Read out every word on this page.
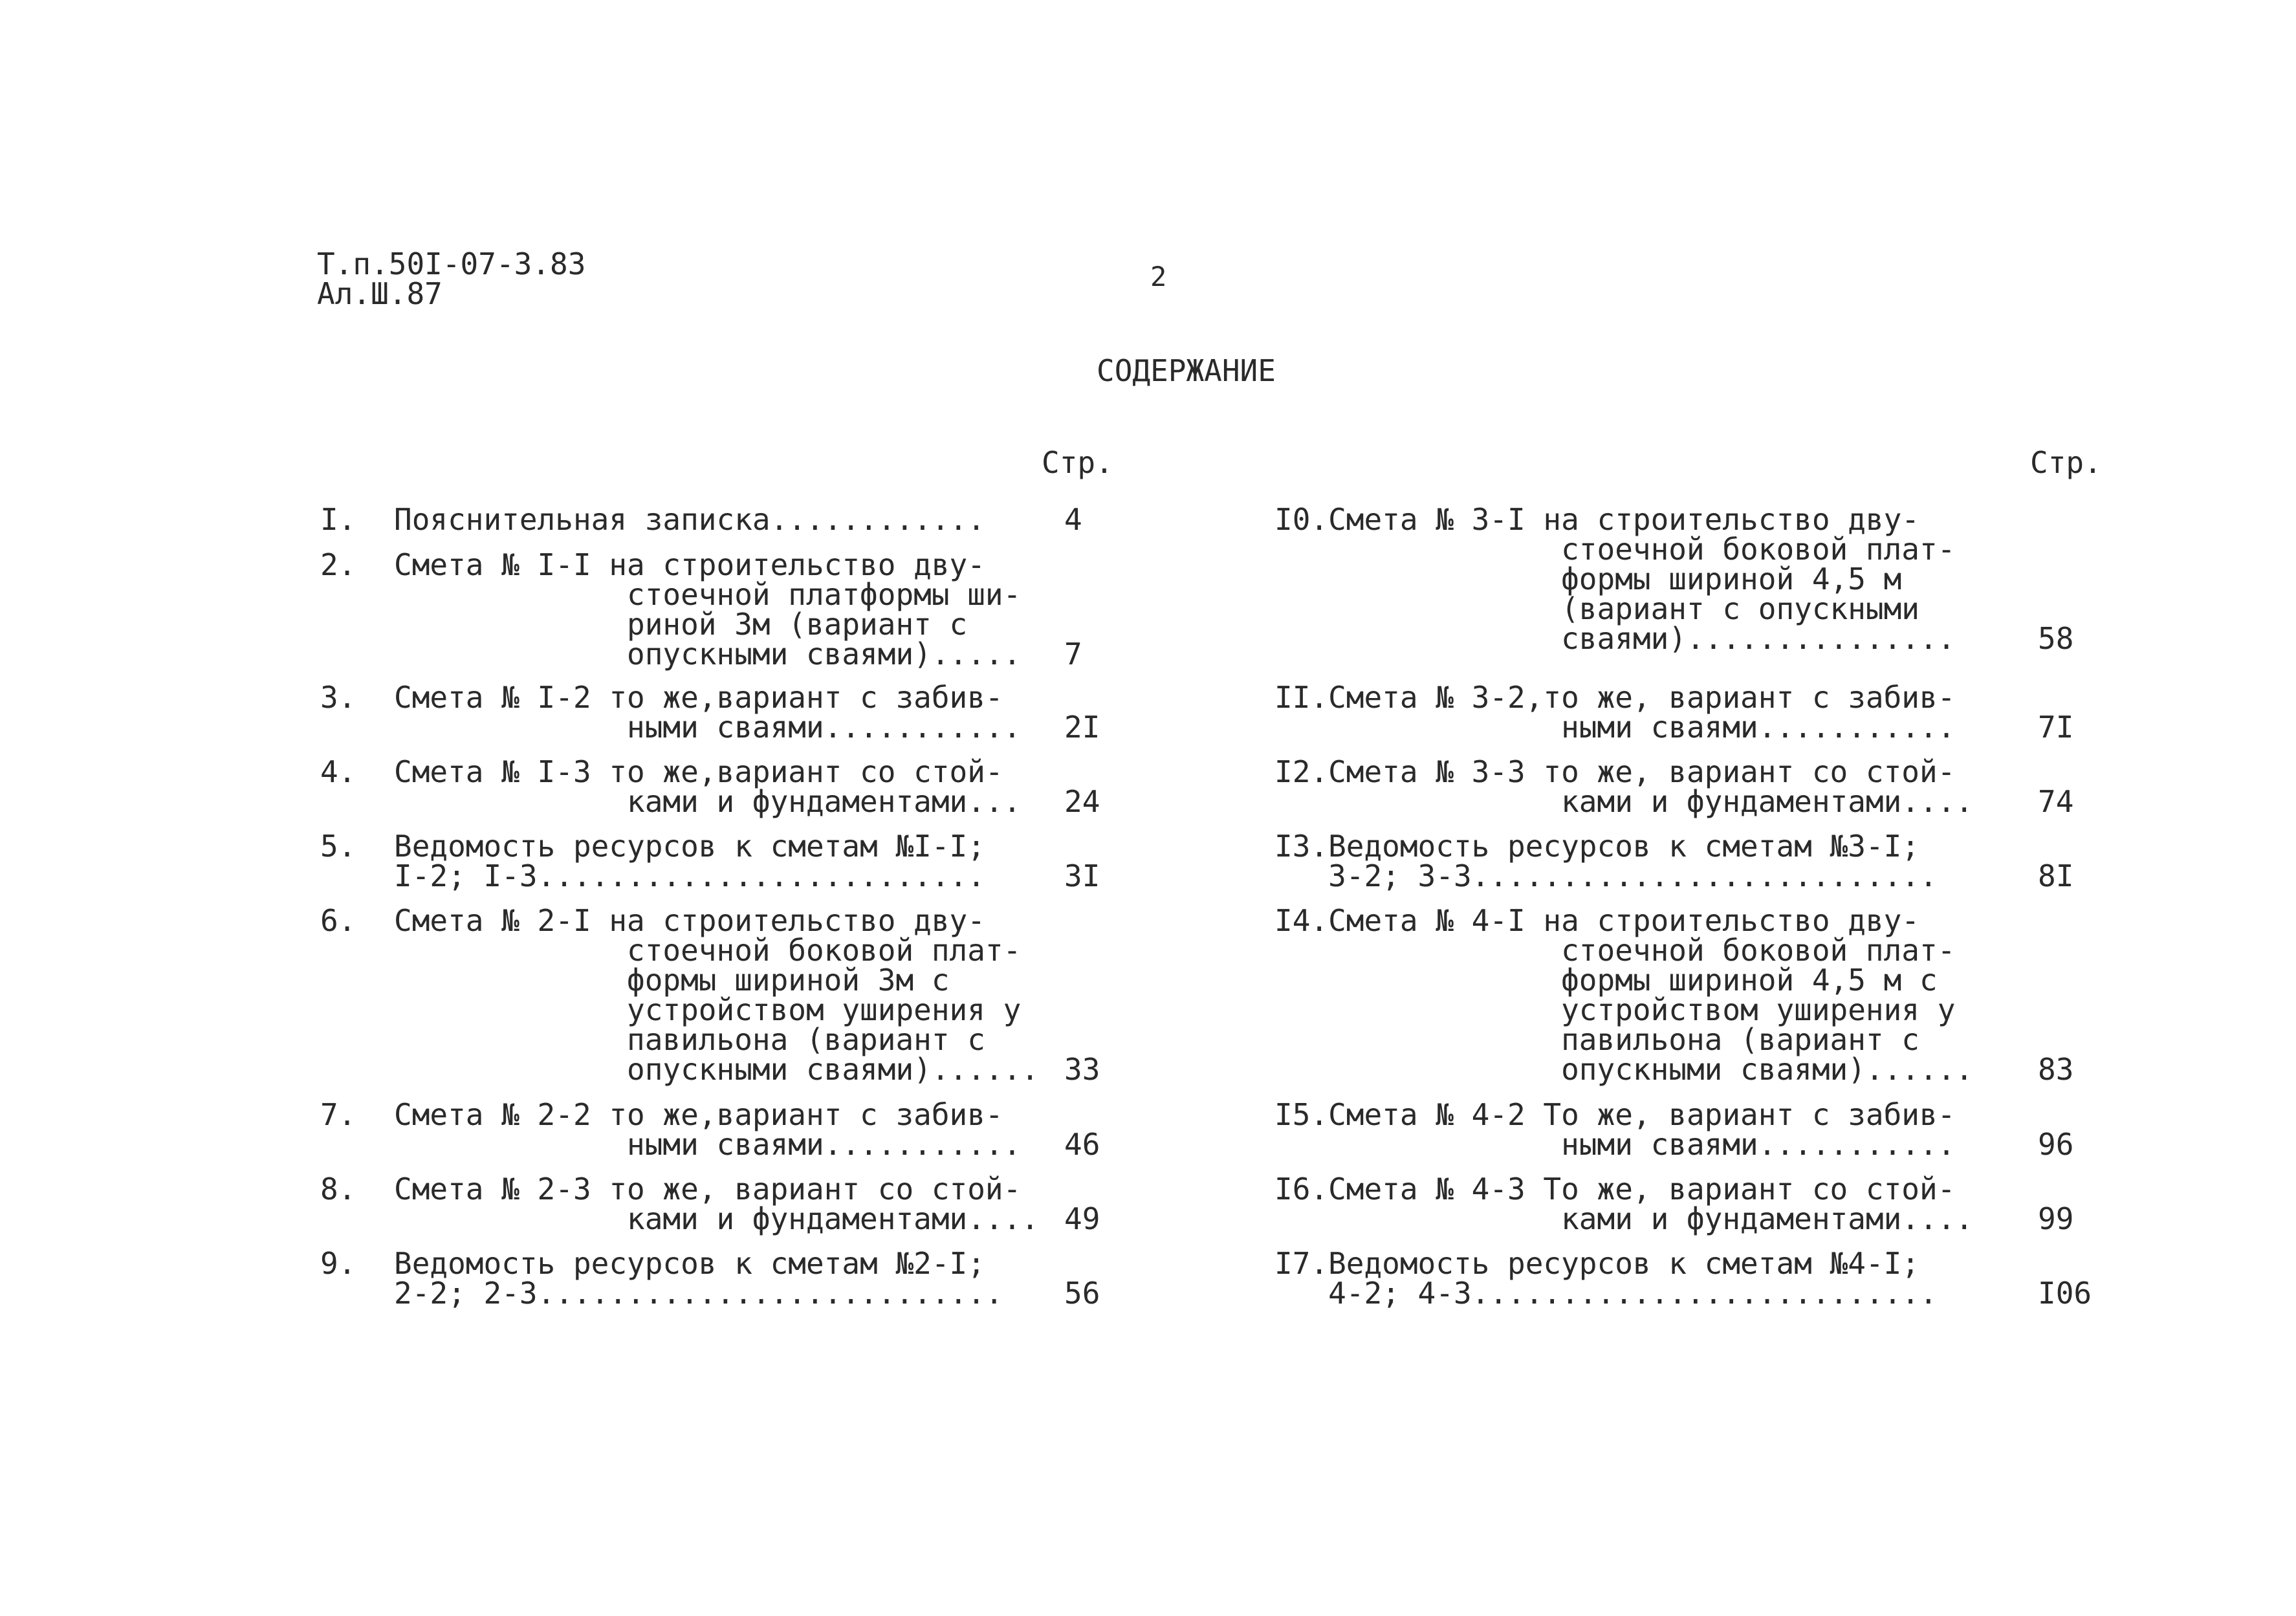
Т.п.50I-07-3.83
Ал.Ш.87	2
СОДЕРЖАНИЕ
Стр.	Стр.
I. Пояснительная записка............	4
2. Смета № I-I на строительство дву-
стоечной платформы ши-
риной 3м (вариант с
опускными сваями)..... 7
3. Смета № I-2 то же,вариант с забив-
ными сваями........... 2I
4. Смета № I-3 то же,вариант со стой-
ками и фундаментами... 24
5. Ведомость ресурсов к сметам №I-I;
I-2; I-3.........................	3I
6. Смета № 2-I на строительство дву-
стоечной боковой плат-
формы шириной 3м с
устройством уширения у
павильона (вариант с
опускными сваями)...... 33
7. Смета № 2-2 то же,вариант с забив-
ными сваями........... 46
8. Смета № 2-3 то же, вариант со стой-
ками и фундаментами.... 49
9. Ведомость ресурсов к сметам №2-I;
2-2; 2-3.......................... 56
I0.Смета № 3-I на строительство дву-
стоечной боковой плат-
формы шириной 4,5 м
(вариант с опускными
сваями)...............	58
II.Смета № 3-2,то же, вариант с забив-
ными сваями...........	7I
I2.Смета № 3-3 то же, вариант со стой-
ками и фундаментами.... 74
I3.Ведомость ресурсов к сметам №3-I;
3-2; 3-3..........................	8I
I4.Смета № 4-I на строительство дву-
стоечной боковой плат-
формы шириной 4,5 м с
устройством уширения у
павильона (вариант с
опускными сваями)...... 83
I5.Смета № 4-2 То же, вариант с забив-
ными сваями...........	96
I6.Смета № 4-3 То же, вариант со стой-
ками и фундаментами.... 99
I7.Ведомость ресурсов к сметам №4-I;
4-2; 4-3..........................	I06
